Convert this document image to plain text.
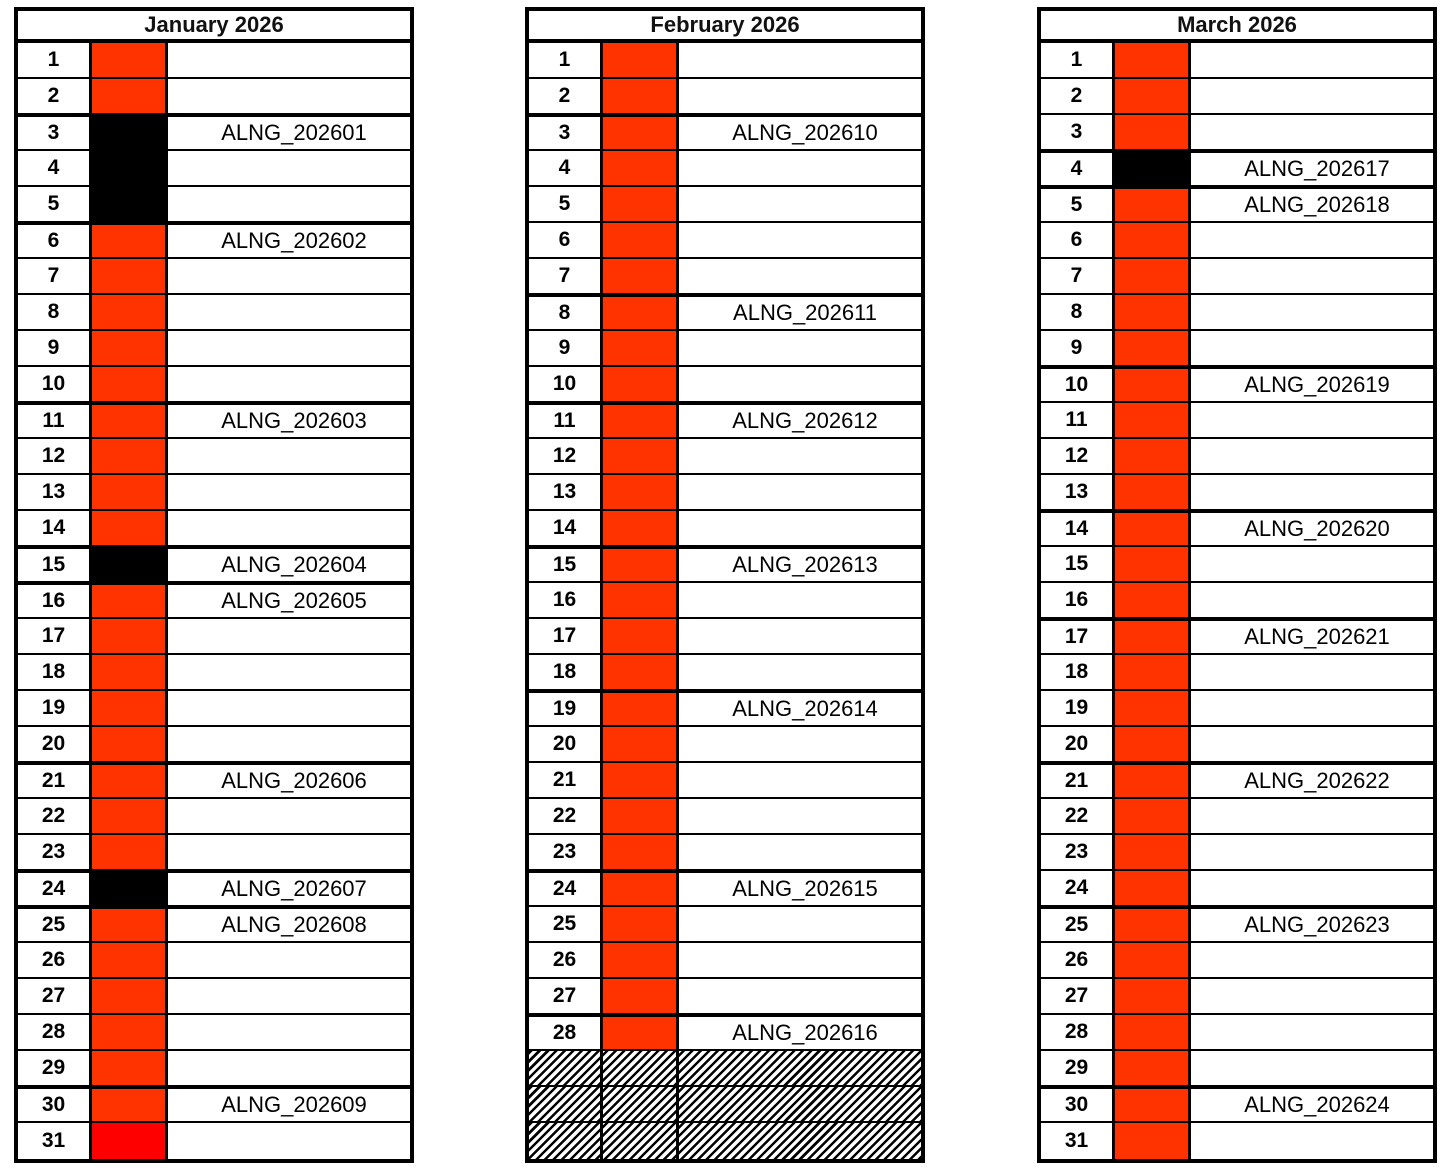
January 2026
1
2
3	ALNG_202601
4
5
6	ALNG_202602
7
8
9
10
11	ALNG_202603
12
13
14
15	ALNG_202604
16	ALNG_202605
17
18
19
20
21	ALNG_202606
22
23
24	ALNG_202607
25	ALNG_202608
26
27
28
29
30	ALNG_202609
31
February 2026
1
2
3	ALNG_202610
4
5
6
7
8	ALNG_202611
9
10
11	ALNG_202612
12
13
14
15	ALNG_202613
16
17
18
19	ALNG_202614
20
21
22
23
24	ALNG_202615
25
26
27
28	ALNG_202616
March 2026
1
2
3
4	ALNG_202617
5	ALNG_202618
6
7
8
9
10	ALNG_202619
11
12
13
14	ALNG_202620
15
16
17	ALNG_202621
18
19
20
21	ALNG_202622
22
23
24
25	ALNG_202623
26
27
28
29
30	ALNG_202624
31
